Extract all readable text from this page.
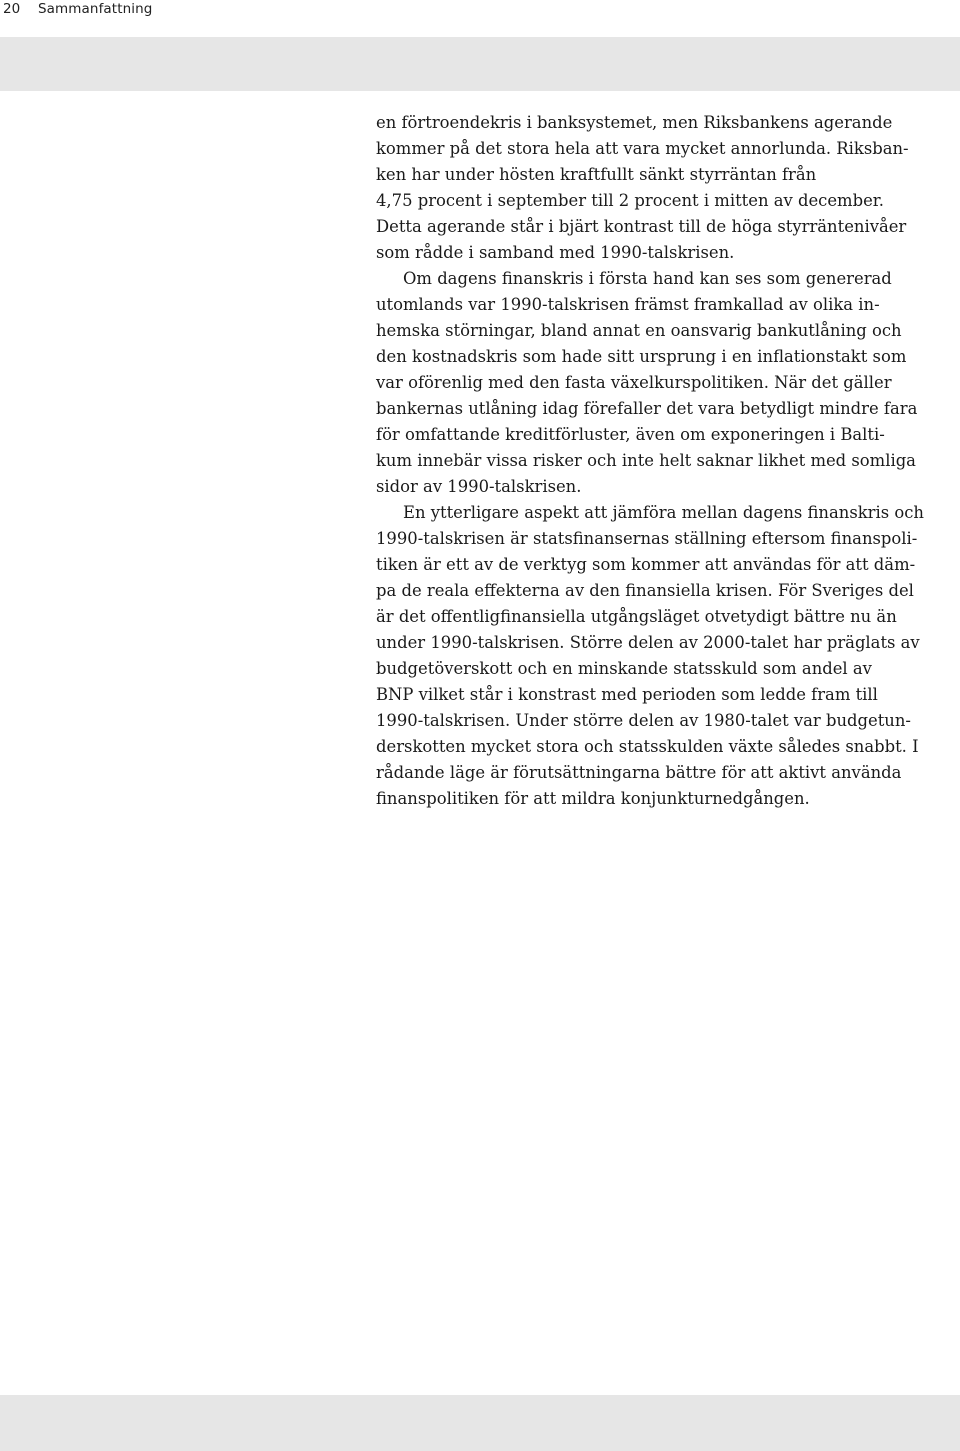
20 Sammanfattning
en förtroendekris i banksystemet, men Riksbankens agerande
kommer på det stora hela att vara mycket annorlunda. Riksban-
ken har under hösten kraftfullt sänkt styrräntan från
4,75 procent i september till 2 procent i mitten av december.
Detta agerande står i bjärt kontrast till de höga styrräntenivåer
som rådde i samband med 1990-talskrisen.
Om dagens finanskris i första hand kan ses som genererad
utomlands var 1990-talskrisen främst framkallad av olika in-
hemska störningar, bland annat en oansvarig bankutlåning och
den kostnadskris som hade sitt ursprung i en inflationstakt som
var oförenlig med den fasta växelkurspolitiken. När det gäller
bankernas utlåning idag förefaller det vara betydligt mindre fara
för omfattande kreditförluster, även om exponeringen i Balti-
kum innebär vissa risker och inte helt saknar likhet med somliga
sidor av 1990-talskrisen.
En ytterligare aspekt att jämföra mellan dagens finanskris och
1990-talskrisen är statsfinansernas ställning eftersom finanspoli-
tiken är ett av de verktyg som kommer att användas för att däm-
pa de reala effekterna av den finansiella krisen. För Sveriges del
är det offentligfinansiella utgångsläget otvetydigt bättre nu än
under 1990-talskrisen. Större delen av 2000-talet har präglats av
budgetöverskott och en minskande statsskuld som andel av
BNP vilket står i konstrast med perioden som ledde fram till
1990-talskrisen. Under större delen av 1980-talet var budgetun-
derskotten mycket stora och statsskulden växte således snabbt. I
rådande läge är förutsättningarna bättre för att aktivt använda
finanspolitiken för att mildra konjunkturnedgången.
